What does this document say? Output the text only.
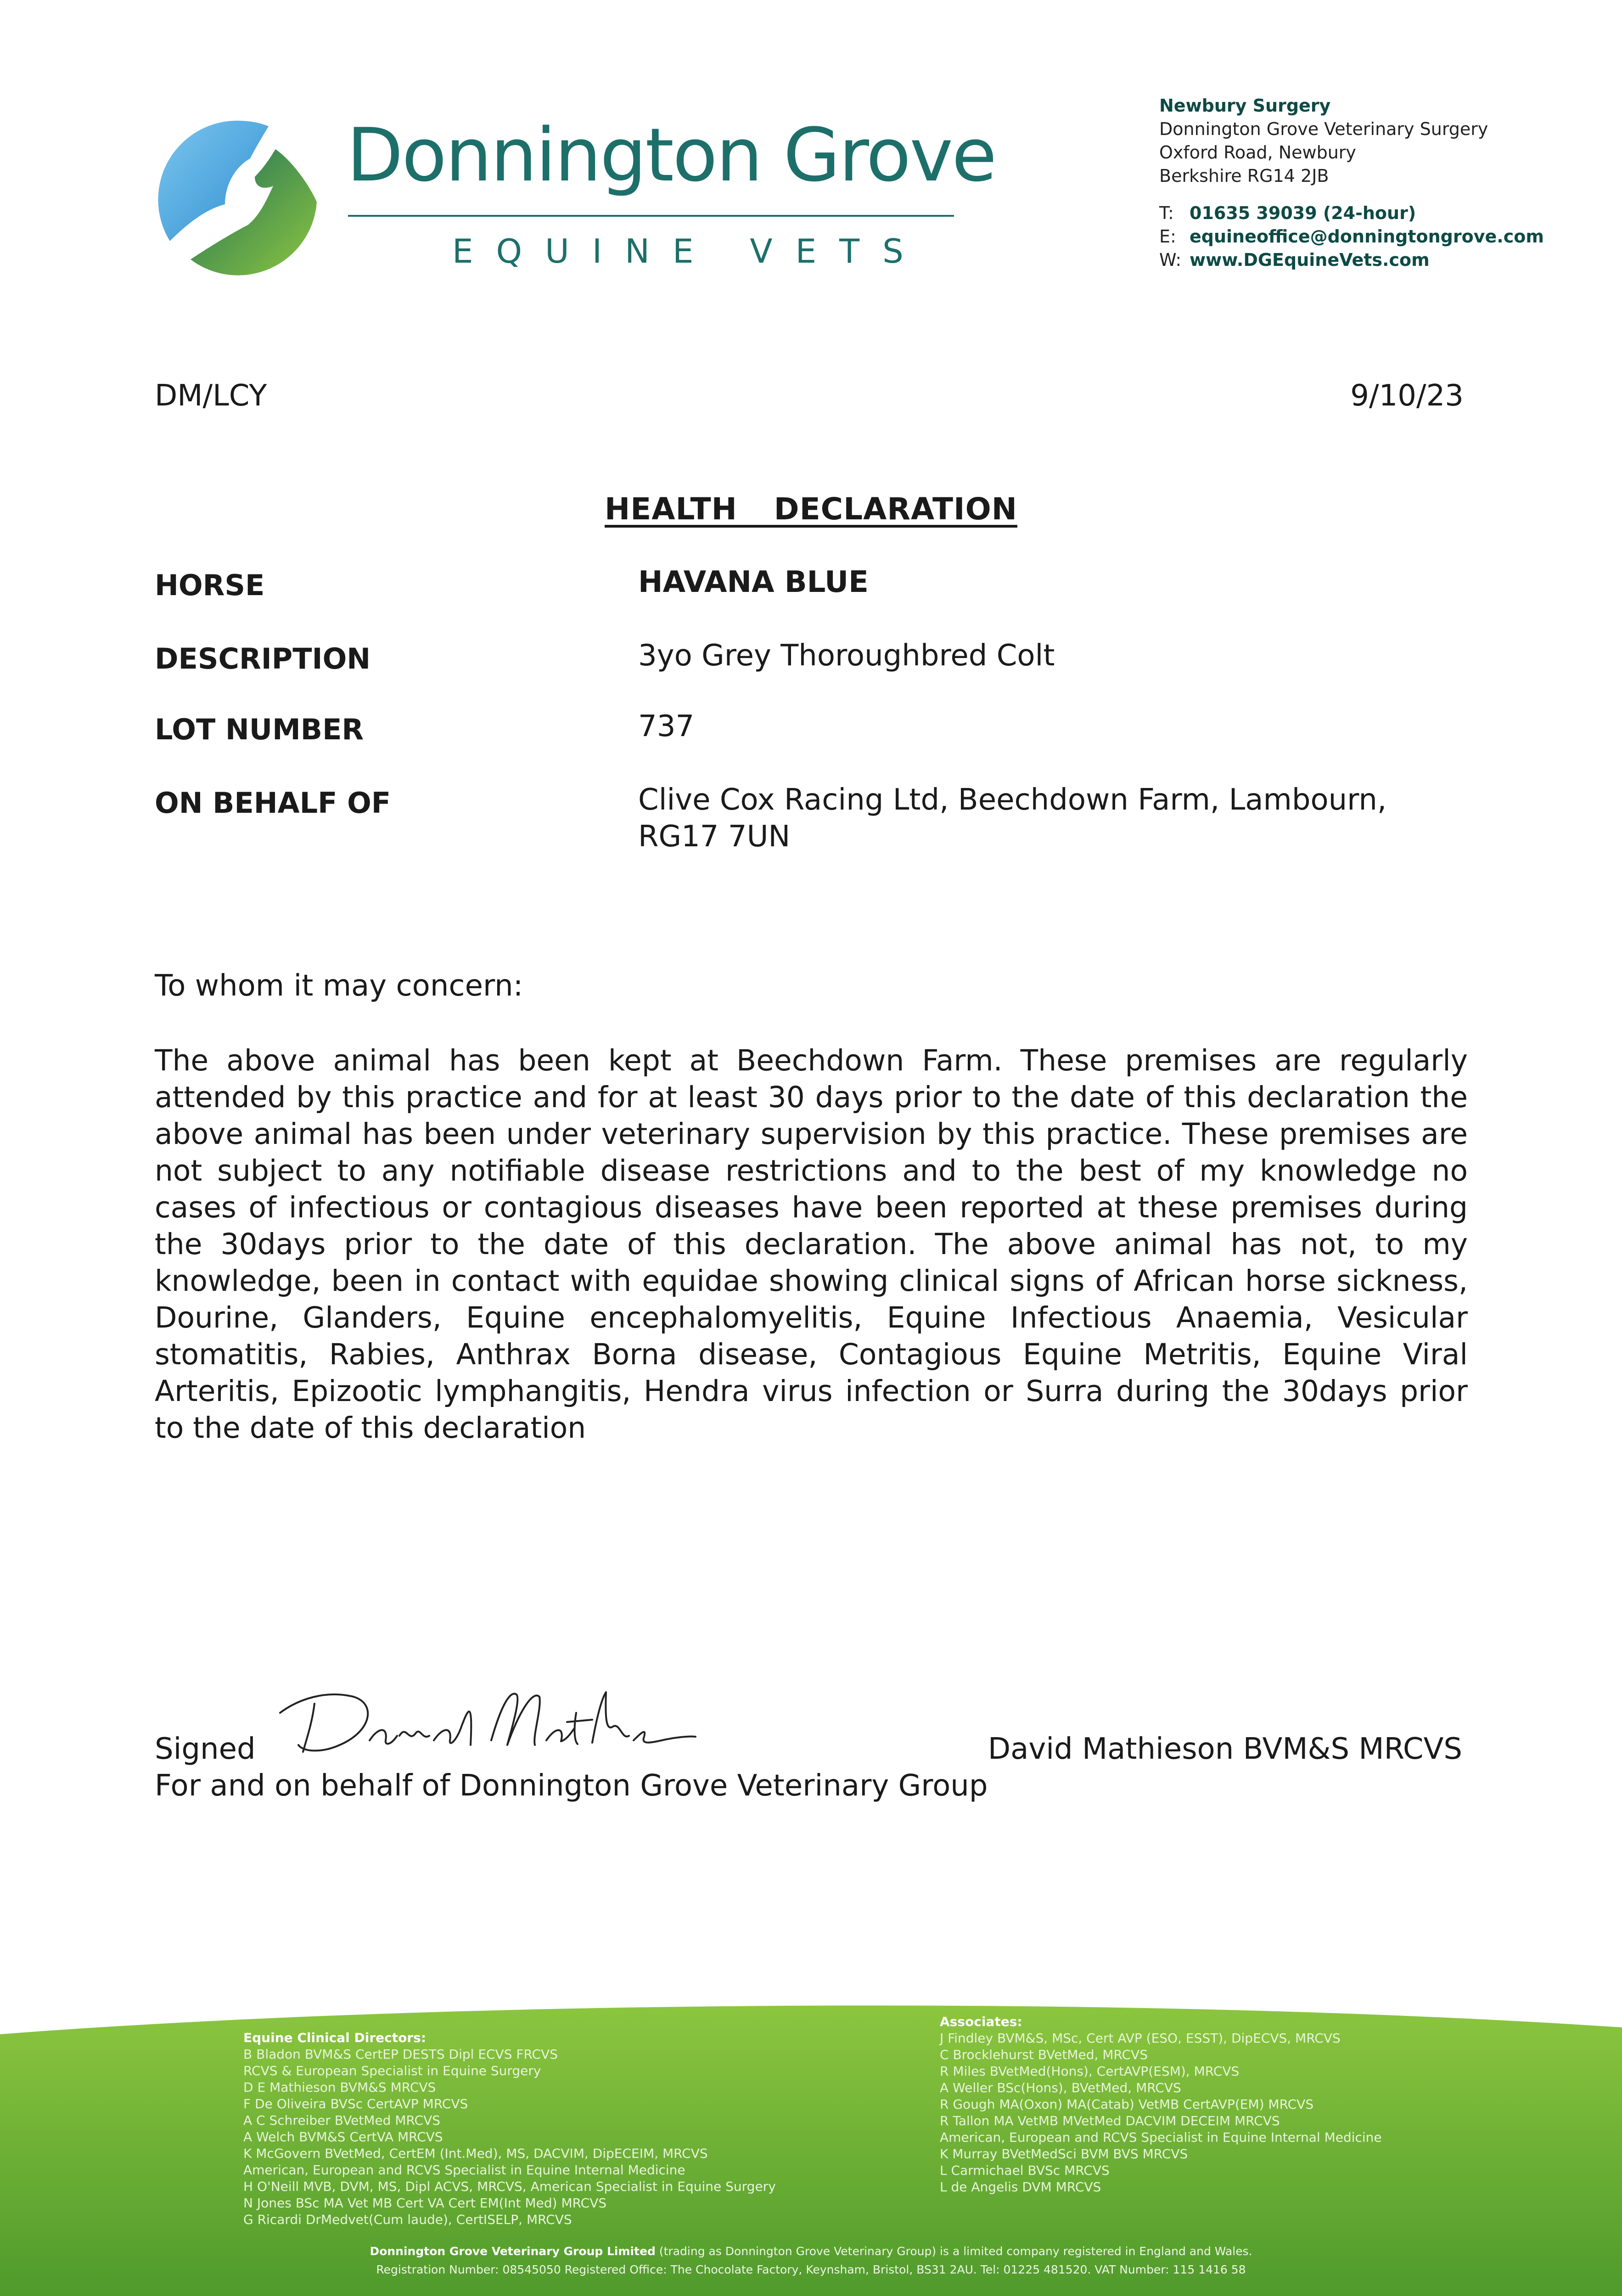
Donnington Grove
EQUINE VETS
Newbury Surgery
Donnington Grove Veterinary Surgery
Oxford Road, Newbury
Berkshire RG14 2JB
T: 01635 39039 (24-hour)
E: equineoffice@donningtongrove.com
W: www.DGEquineVets.com
DM/LCY	9/10/23
HEALTH  DECLARATION
HORSE	HAVANA BLUE
DESCRIPTION	3yo Grey Thoroughbred Colt
LOT NUMBER	737
ON BEHALF OF	Clive Cox Racing Ltd, Beechdown Farm, Lambourn,
RG17 7UN
To whom it may concern:
The above animal has been kept at Beechdown Farm. These premises are regularly attended by this practice and for at least 30 days prior to the date of this declaration the above animal has been under veterinary supervision by this practice. These premises are not subject to any notifiable disease restrictions and to the best of my knowledge no cases of infectious or contagious diseases have been reported at these premises during the 30days prior to the date of this declaration. The above animal has not, to my knowledge, been in contact with equidae showing clinical signs of African horse sickness, Dourine, Glanders, Equine encephalomyelitis, Equine Infectious Anaemia, Vesicular stomatitis, Rabies, Anthrax Borna disease, Contagious Equine Metritis, Equine Viral Arteritis, Epizootic lymphangitis, Hendra virus infection or Surra during the 30days prior to the date of this declaration
Signed	David Mathieson BVM&S MRCVS
For and on behalf of Donnington Grove Veterinary Group
Equine Clinical Directors:
B Bladon BVM&S CertEP DESTS Dipl ECVS FRCVS
RCVS & European Specialist in Equine Surgery
D E Mathieson BVM&S MRCVS
F De Oliveira BVSc CertAVP MRCVS
A C Schreiber BVetMed MRCVS
A Welch BVM&S CertVA MRCVS
K McGovern BVetMed, CertEM (Int.Med), MS, DACVIM, DipECEIM, MRCVS
American, European and RCVS Specialist in Equine Internal Medicine
H O'Neill MVB, DVM, MS, Dipl ACVS, MRCVS, American Specialist in Equine Surgery
N Jones BSc MA Vet MB Cert VA Cert EM(Int Med) MRCVS
G Ricardi DrMedvet(Cum laude), CertISELP, MRCVS
Associates:
J Findley BVM&S, MSc, Cert AVP (ESO, ESST), DipECVS, MRCVS
C Brocklehurst BVetMed, MRCVS
R Miles BVetMed(Hons), CertAVP(ESM), MRCVS
A Weller BSc(Hons), BVetMed, MRCVS
R Gough MA(Oxon) MA(Catab) VetMB CertAVP(EM) MRCVS
R Tallon MA VetMB MVetMed DACVIM DECEIM MRCVS
American, European and RCVS Specialist in Equine Internal Medicine
K Murray BVetMedSci BVM BVS MRCVS
L Carmichael BVSc MRCVS
L de Angelis DVM MRCVS
Donnington Grove Veterinary Group Limited (trading as Donnington Grove Veterinary Group) is a limited company registered in England and Wales.
Registration Number: 08545050 Registered Office: The Chocolate Factory, Keynsham, Bristol, BS31 2AU. Tel: 01225 481520. VAT Number: 115 1416 58
